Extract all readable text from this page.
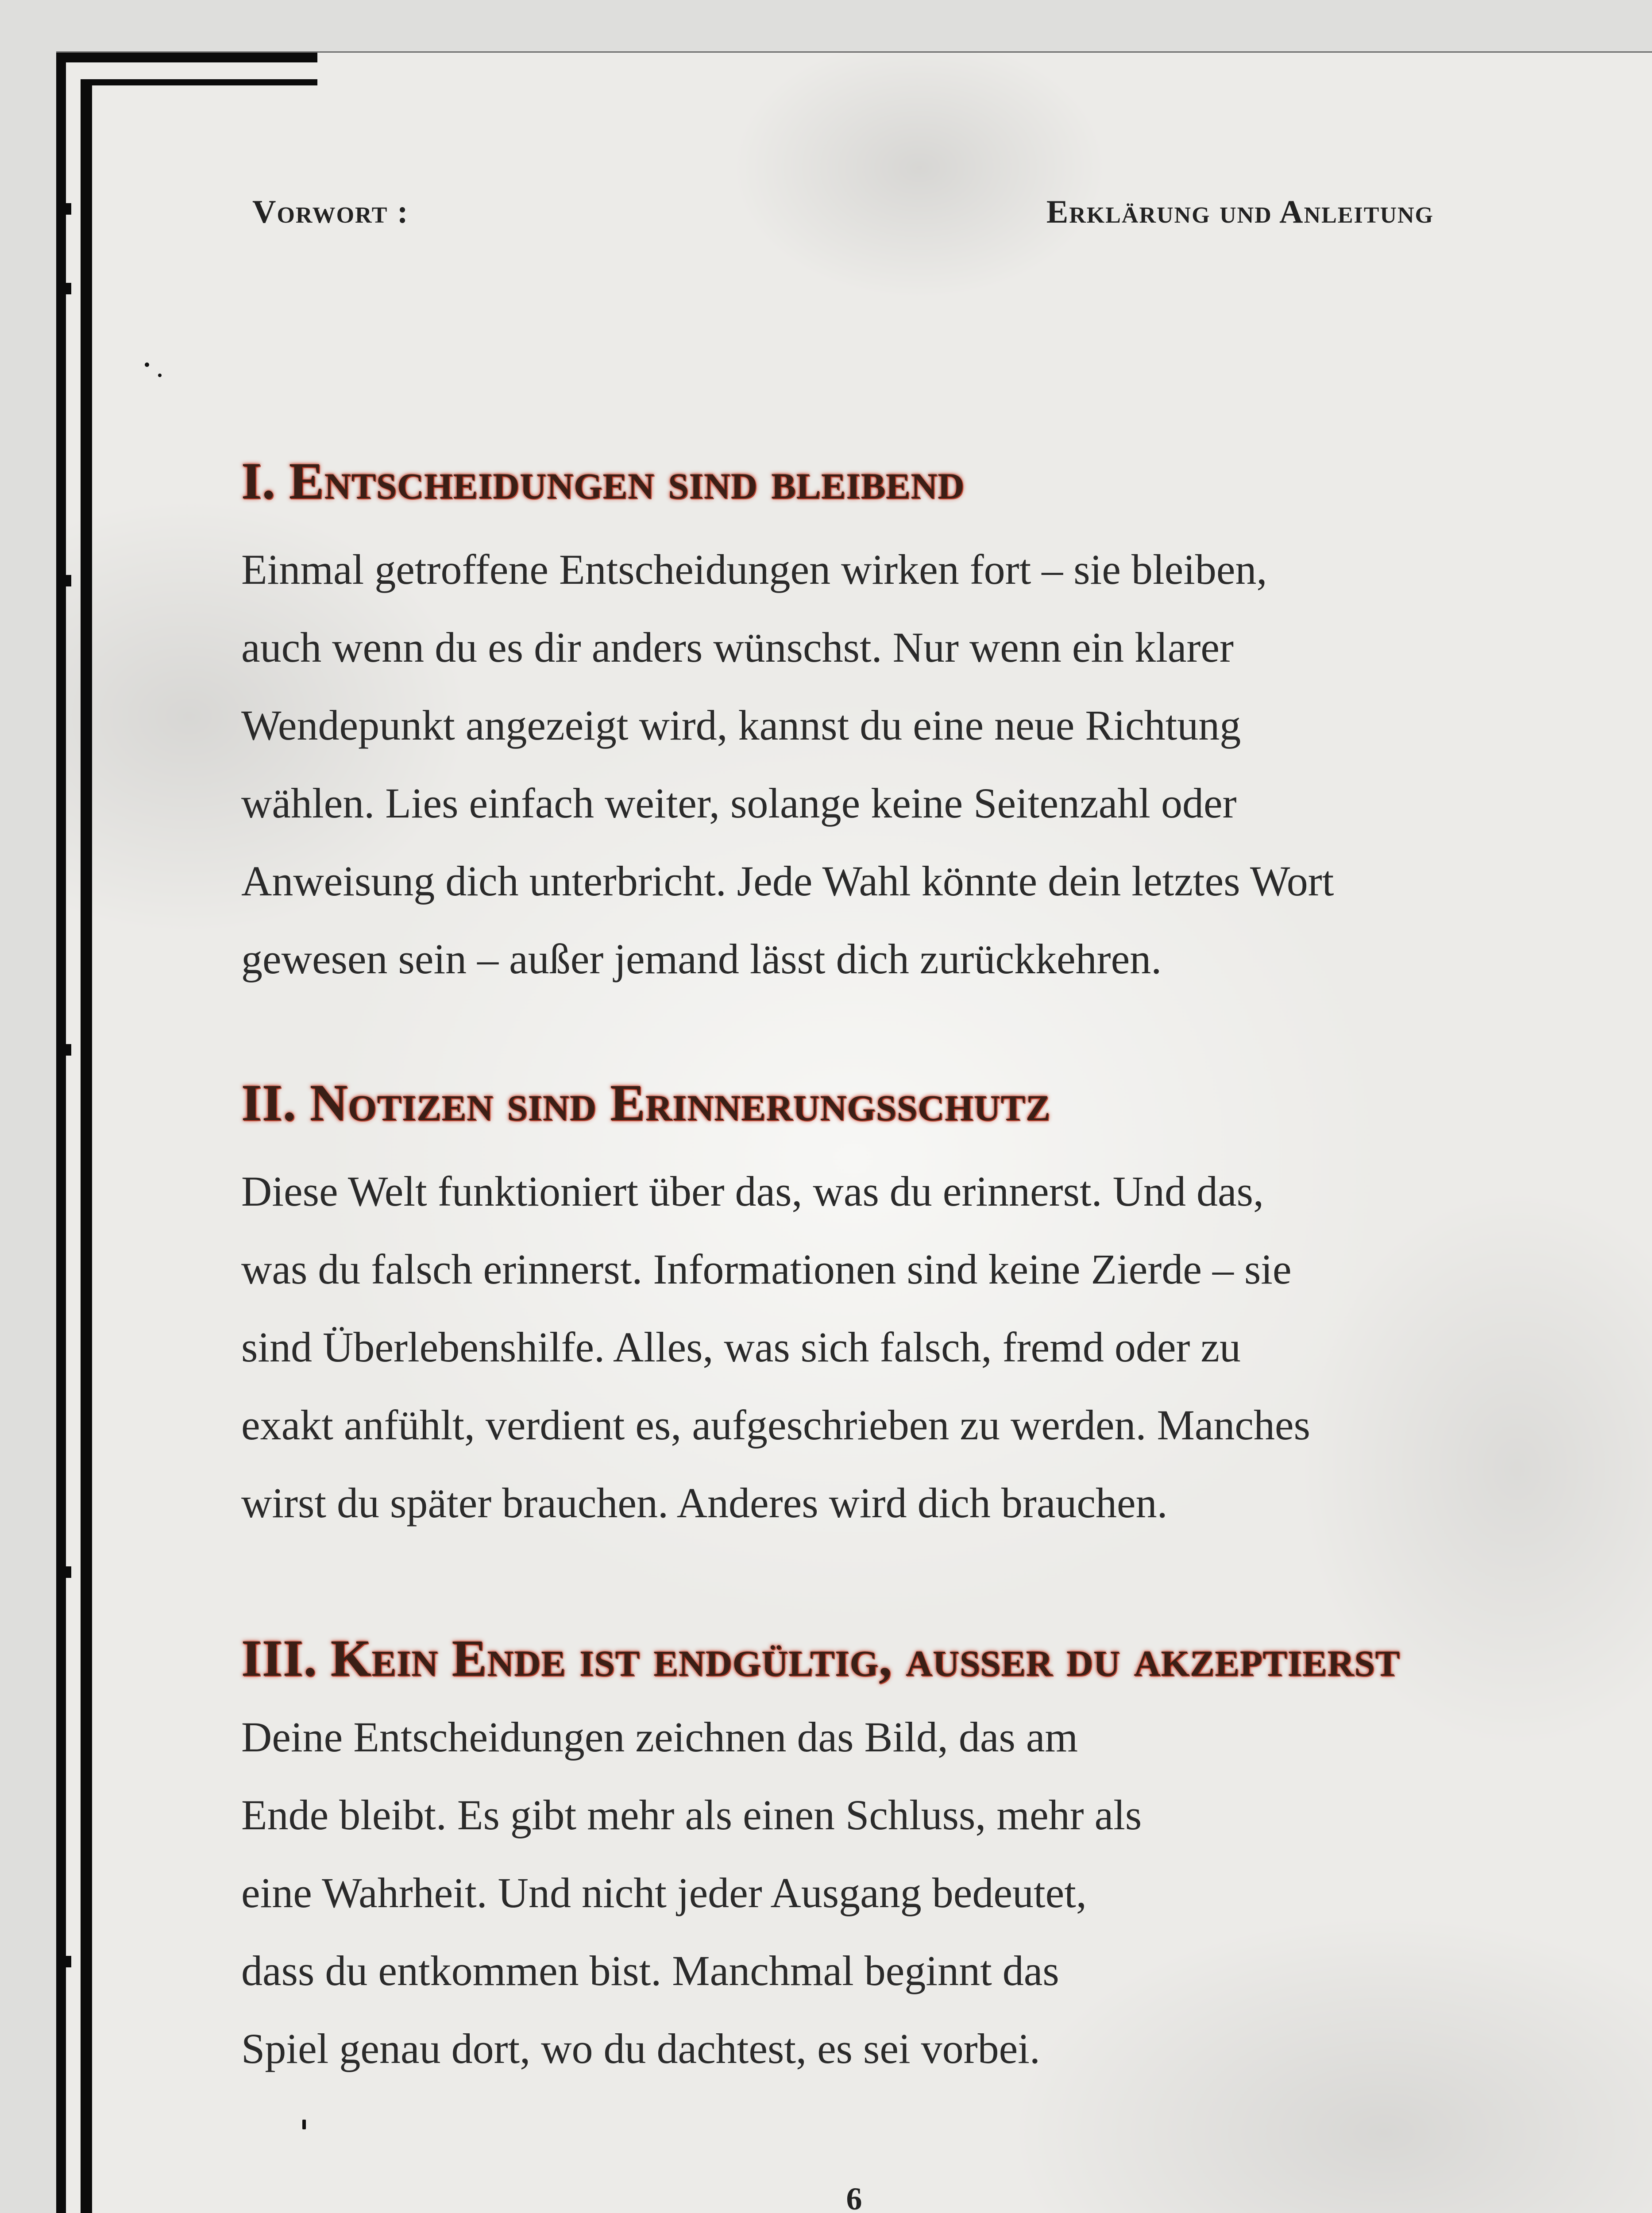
Vorwort :	Erklärung und Anleitung
I. Entscheidungen sind bleibend
Einmal getroffene Entscheidungen wirken fort – sie bleiben,
auch wenn du es dir anders wünschst. Nur wenn ein klarer
Wendepunkt angezeigt wird, kannst du eine neue Richtung
wählen. Lies einfach weiter, solange keine Seitenzahl oder
Anweisung dich unterbricht. Jede Wahl könnte dein letztes Wort
gewesen sein – außer jemand lässt dich zurückkehren.
II. Notizen sind Erinnerungsschutz
Diese Welt funktioniert über das, was du erinnerst. Und das,
was du falsch erinnerst. Informationen sind keine Zierde – sie
sind Überlebenshilfe. Alles, was sich falsch, fremd oder zu
exakt anfühlt, verdient es, aufgeschrieben zu werden. Manches
wirst du später brauchen. Anderes wird dich brauchen.
III. Kein Ende ist endgültig, außer du akzeptierst
Deine Entscheidungen zeichnen das Bild, das am
Ende bleibt. Es gibt mehr als einen Schluss, mehr als
eine Wahrheit. Und nicht jeder Ausgang bedeutet,
dass du entkommen bist. Manchmal beginnt das
Spiel genau dort, wo du dachtest, es sei vorbei.
6
